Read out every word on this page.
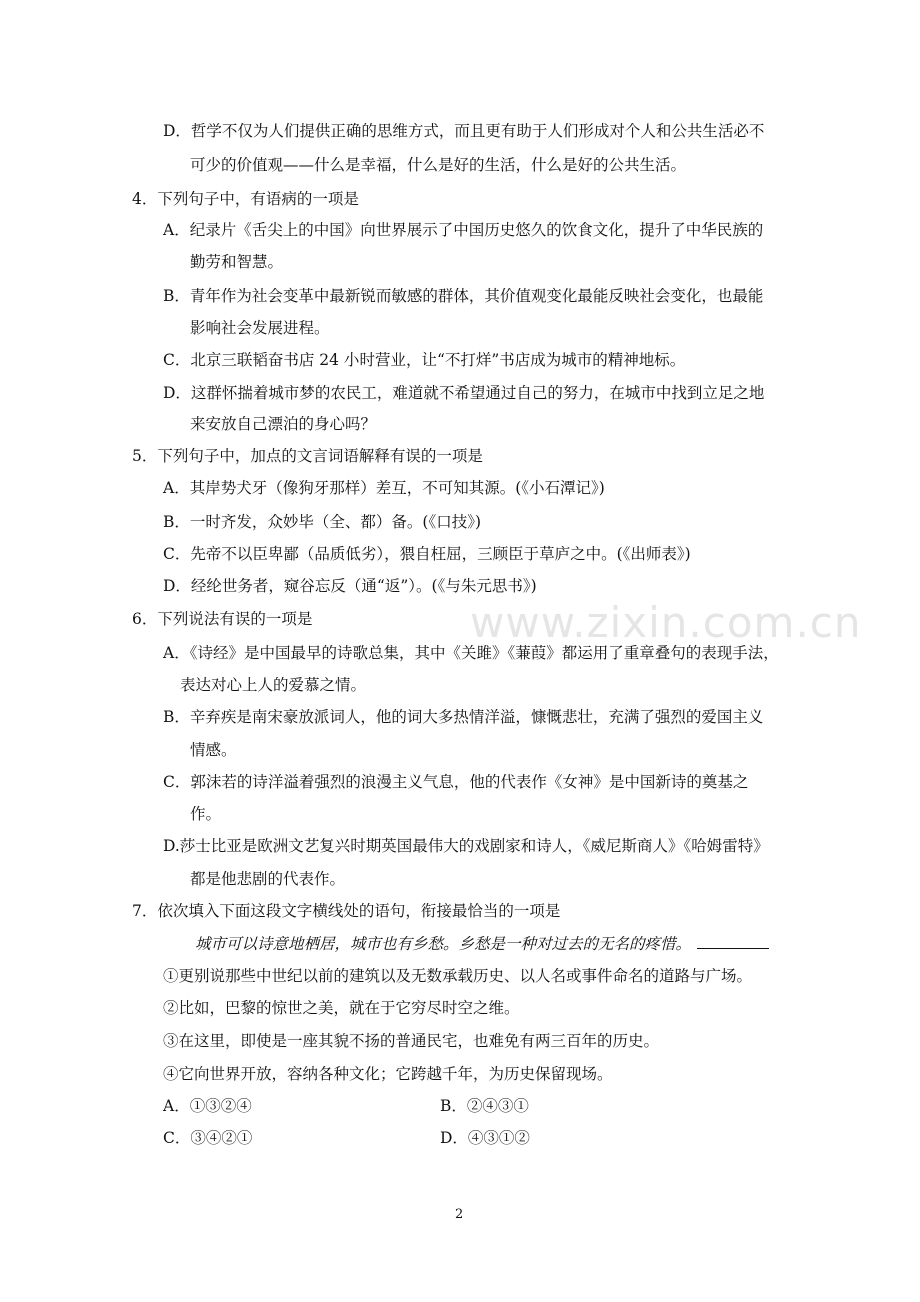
D．哲学不仅为人们提供正确的思维方式，而且更有助于人们形成对个人和公共生活必不
可少的价值观——什么是幸福，什么是好的生活，什么是好的公共生活。
4．下列句子中，有语病的一项是
A．纪录片《舌尖上的中国》向世界展示了中国历史悠久的饮食文化，提升了中华民族的
勤劳和智慧。
B．青年作为社会变革中最新锐而敏感的群体，其价值观变化最能反映社会变化，也最能
影响社会发展进程。
C．北京三联韬奋书店 24 小时营业，让“不打烊”书店成为城市的精神地标。
D．这群怀揣着城市梦的农民工，难道就不希望通过自己的努力，在城市中找到立足之地
来安放自己漂泊的身心吗？
5．下列句子中，加点的文言词语解释有误的一项是
A．其岸势犬牙（像狗牙那样）差互，不可知其源。(《小石潭记》)
B．一时齐发，众妙毕（全、都）备。(《口技》)
C．先帝不以臣卑鄙（品质低劣），猥自枉屈，三顾臣于草庐之中。(《出师表》)
D．经纶世务者，窥谷忘反（通“返”）。(《与朱元思书》)
6．下列说法有误的一项是
A．《诗经》是中国最早的诗歌总集，其中《关雎》《蒹葭》都运用了重章叠句的表现手法，
表达对心上人的爱慕之情。
B．辛弃疾是南宋豪放派词人，他的词大多热情洋溢，慷慨悲壮，充满了强烈的爱国主义
情感。
C．郭沫若的诗洋溢着强烈的浪漫主义气息，他的代表作《女神》是中国新诗的奠基之
作。
D.莎士比亚是欧洲文艺复兴时期英国最伟大的戏剧家和诗人，《威尼斯商人》《哈姆雷特》
都是他悲剧的代表作。
7．依次填入下面这段文字横线处的语句，衔接最恰当的一项是
城市可以诗意地栖居，城市也有乡愁。乡愁是一种对过去的无名的疼惜。
①更别说那些中世纪以前的建筑以及无数承载历史、以人名或事件命名的道路与广场。
②比如，巴黎的惊世之美，就在于它穷尽时空之维。
③在这里，即使是一座其貌不扬的普通民宅，也难免有两三百年的历史。
④它向世界开放，容纳各种文化；它跨越千年，为历史保留现场。
A．①③②④	B．②④③①
C．③④②①	D．④③①②
www.zixin.com.cn
2
